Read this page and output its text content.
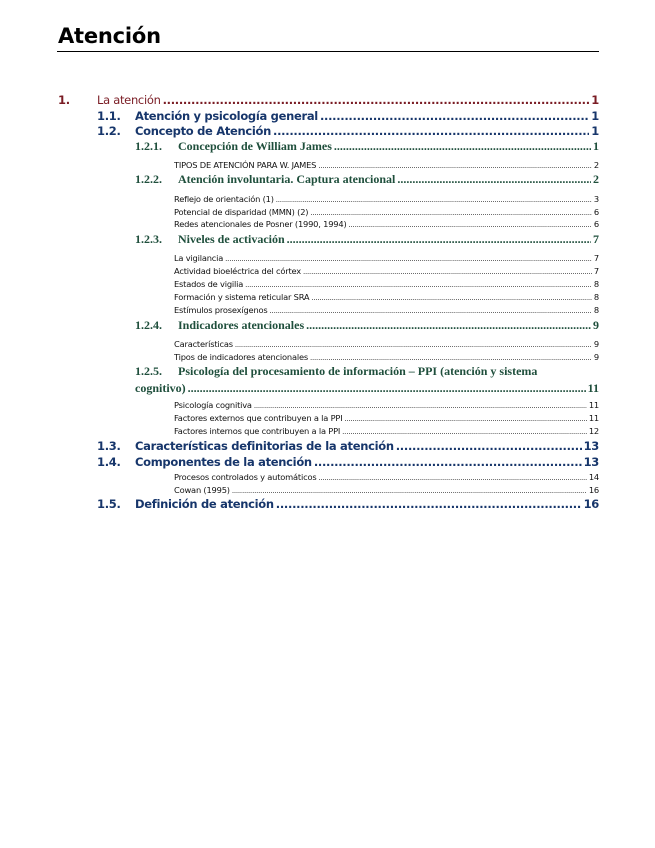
Atención
1.	La atención .....	1
1.1.	Atención y psicología general .....	1
1.2.	Concepto de Atención .....	1
1.2.1.	Concepción de William James .....	1
TIPOS DE ATENCIÓN PARA W. JAMES .....	2
1.2.2.	Atención involuntaria. Captura atencional .....	2
Reflejo de orientación (1) .....	3
Potencial de disparidad (MMN) (2) .....	6
Redes atencionales de Posner (1990, 1994) .....	6
1.2.3.	Niveles de activación .....	7
La vigilancia .....	7
Actividad bioeléctrica del córtex .....	7
Estados de vigilia .....	8
Formación y sistema reticular SRA .....	8
Estímulos prosexígenos .....	8
1.2.4.	Indicadores atencionales .....	9
Características .....	9
Tipos de indicadores atencionales .....	9
1.2.5.	Psicología del procesamiento de información – PPI (atención y sistema
cognitivo) .....	11
Psicología cognitiva .....	11
Factores externos que contribuyen a la PPI .....	11
Factores internos que contribuyen a la PPI .....	12
1.3.	Características definitorias de la atención .....	13
1.4.	Componentes de la atención .....	13
Procesos controlados y automáticos .....	14
Cowan (1995) .....	16
1.5.	Definición de atención .....	16
